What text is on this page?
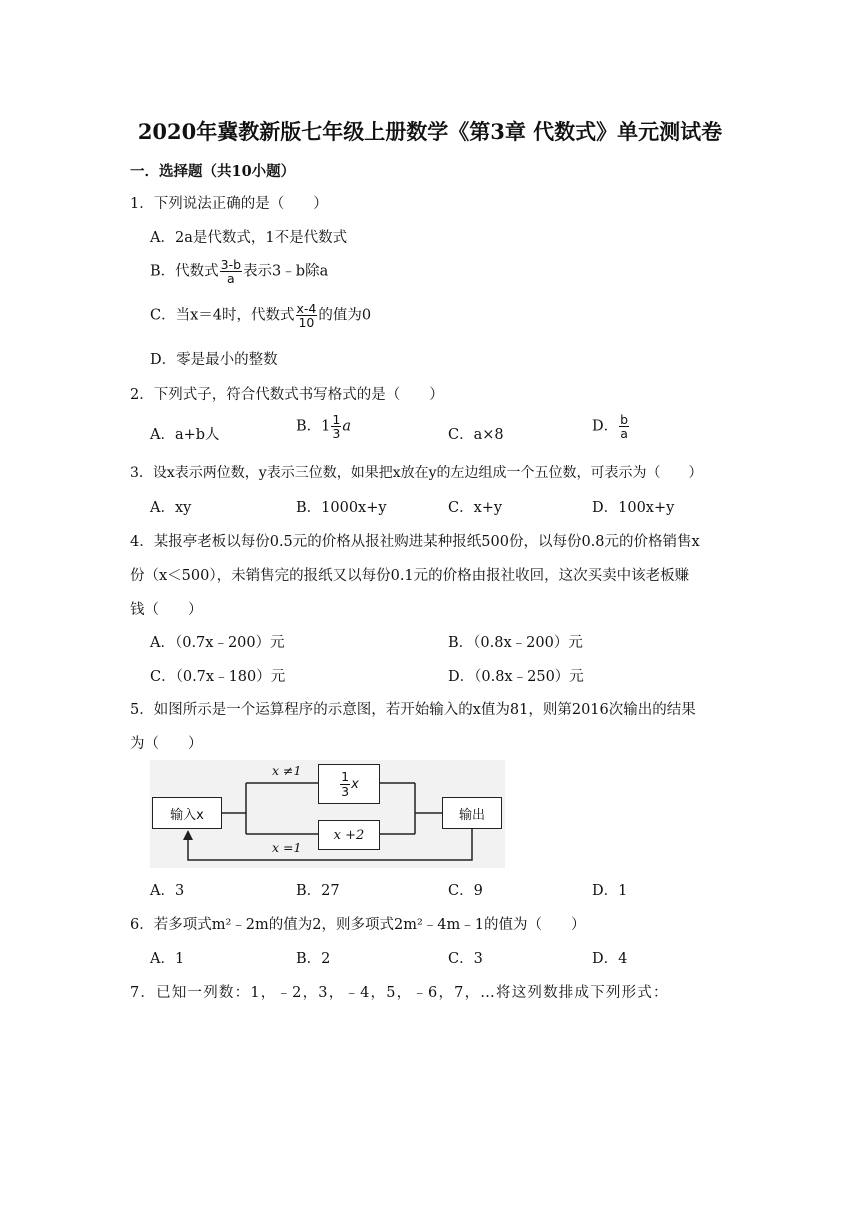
2020年冀教新版七年级上册数学《第3章 代数式》单元测试卷
一．选择题（共10小题）
1．下列说法正确的是（　　）
A．2a是代数式，1不是代数式
B．代数式 $\frac{3-b}{a}$ 表示3﹣b除a
C．当x＝4时，代数式 $\frac{x-4}{10}$ 的值为0
D．零是最小的整数
2．下列式子，符合代数式书写格式的是（　　）
A．a+b人
B．$1 \frac{1}{3}$ a
C．a×8
D． $\frac{b}{a}$
3．设x表示两位数，y表示三位数，如果把x放在y的左边组成一个五位数，可表示为（　　）
A．xy	B．1000x+y	C．x+y	D．100x+y
4．某报亭老板以每份0.5元的价格从报社购进某种报纸500份，以每份0.8元的价格销售x
份（x＜500），未销售完的报纸又以每份0.1元的价格由报社收回，这次买卖中该老板赚
钱（　　）
A．（0.7x﹣200）元	B．（0.8x﹣200）元
C．（0.7x﹣180）元	D．（0.8x﹣250）元
5．如图所示是一个运算程序的示意图，若开始输入的x值为81，则第2016次输出的结果
为（　　）
输入x
$\frac{1}{3}$ x
x +2
输出
x ≠1
x =1
A．3	B．27	C．9	D．1
6．若多项式m²﹣2m的值为2，则多项式2m²﹣4m﹣1的值为（　　）
A．1	B．2	C．3	D．4
7．已知一列数：1，﹣2，3，﹣4，5，﹣6，7，…将这列数排成下列形式：
